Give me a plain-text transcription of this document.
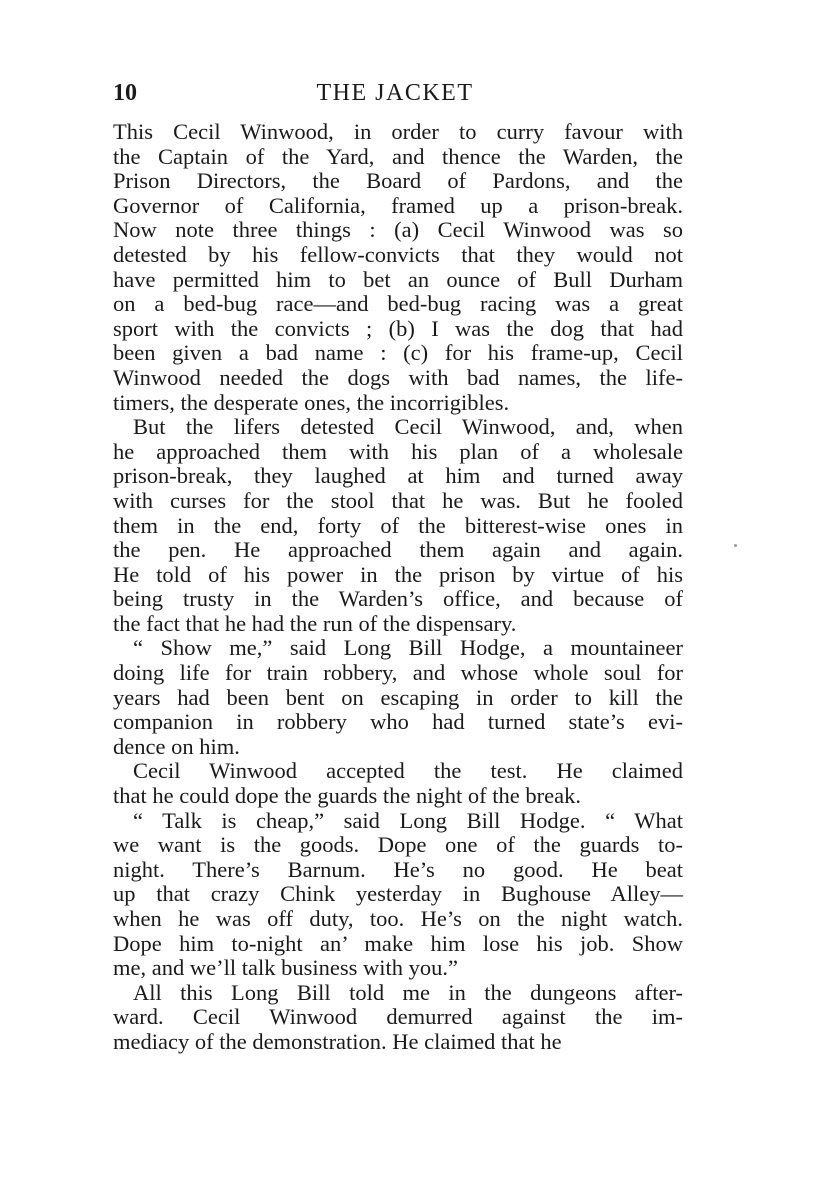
10	THE JACKET
This Cecil Winwood, in order to curry favour with
the Captain of the Yard, and thence the Warden, the
Prison Directors, the Board of Pardons, and the
Governor of California, framed up a prison-break.
Now note three things : (a) Cecil Winwood was so
detested by his fellow-convicts that they would not
have permitted him to bet an ounce of Bull Durham
on a bed-bug race—and bed-bug racing was a great
sport with the convicts ; (b) I was the dog that had
been given a bad name : (c) for his frame-up, Cecil
Winwood needed the dogs with bad names, the life-
timers, the desperate ones, the incorrigibles.
But the lifers detested Cecil Winwood, and, when
he approached them with his plan of a wholesale
prison-break, they laughed at him and turned away
with curses for the stool that he was. But he fooled
them in the end, forty of the bitterest-wise ones in
the pen. He approached them again and again.
He told of his power in the prison by virtue of his
being trusty in the Warden’s office, and because of
the fact that he had the run of the dispensary.
“ Show me,” said Long Bill Hodge, a mountaineer
doing life for train robbery, and whose whole soul for
years had been bent on escaping in order to kill the
companion in robbery who had turned state’s evi-
dence on him.
Cecil Winwood accepted the test. He claimed
that he could dope the guards the night of the break.
“ Talk is cheap,” said Long Bill Hodge. “ What
we want is the goods. Dope one of the guards to-
night. There’s Barnum. He’s no good. He beat
up that crazy Chink yesterday in Bughouse Alley—
when he was off duty, too. He’s on the night watch.
Dope him to-night an’ make him lose his job. Show
me, and we’ll talk business with you.”
All this Long Bill told me in the dungeons after-
ward. Cecil Winwood demurred against the im-
mediacy of the demonstration. He claimed that he
